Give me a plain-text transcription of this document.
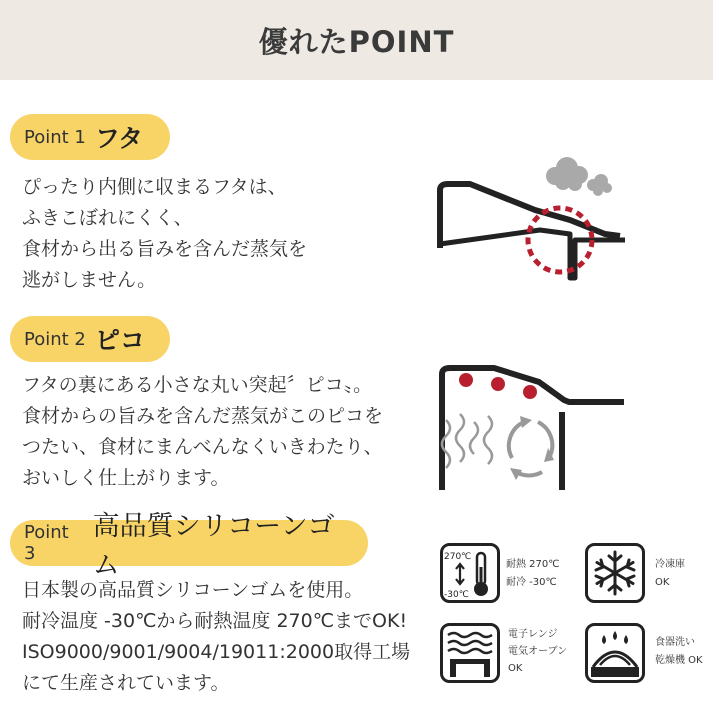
優れたPOINT
Point 1 フタ
ぴったり内側に収まるフタは、
ふきこぼれにくく、
食材から出る旨みを含んだ蒸気を
逃がしません。
Point 2 ピコ
フタの裏にある小さな丸い突起〞ピコ〟。
食材からの旨みを含んだ蒸気がこのピコを
つたい、食材にまんべんなくいきわたり、
おいしく仕上がります。
Point 3
高品質シリコーンゴム
日本製の高品質シリコーンゴムを使用。
耐冷温度 -30℃から耐熱温度 270℃までOK!
ISO9000/9001/9004/19011:2000取得工場
にて生産されています。
270℃
-30℃
耐熱 270℃
耐冷 -30℃
冷凍庫
OK
電子レンジ
電気オーブン
OK
食器洗い
乾燥機 OK
